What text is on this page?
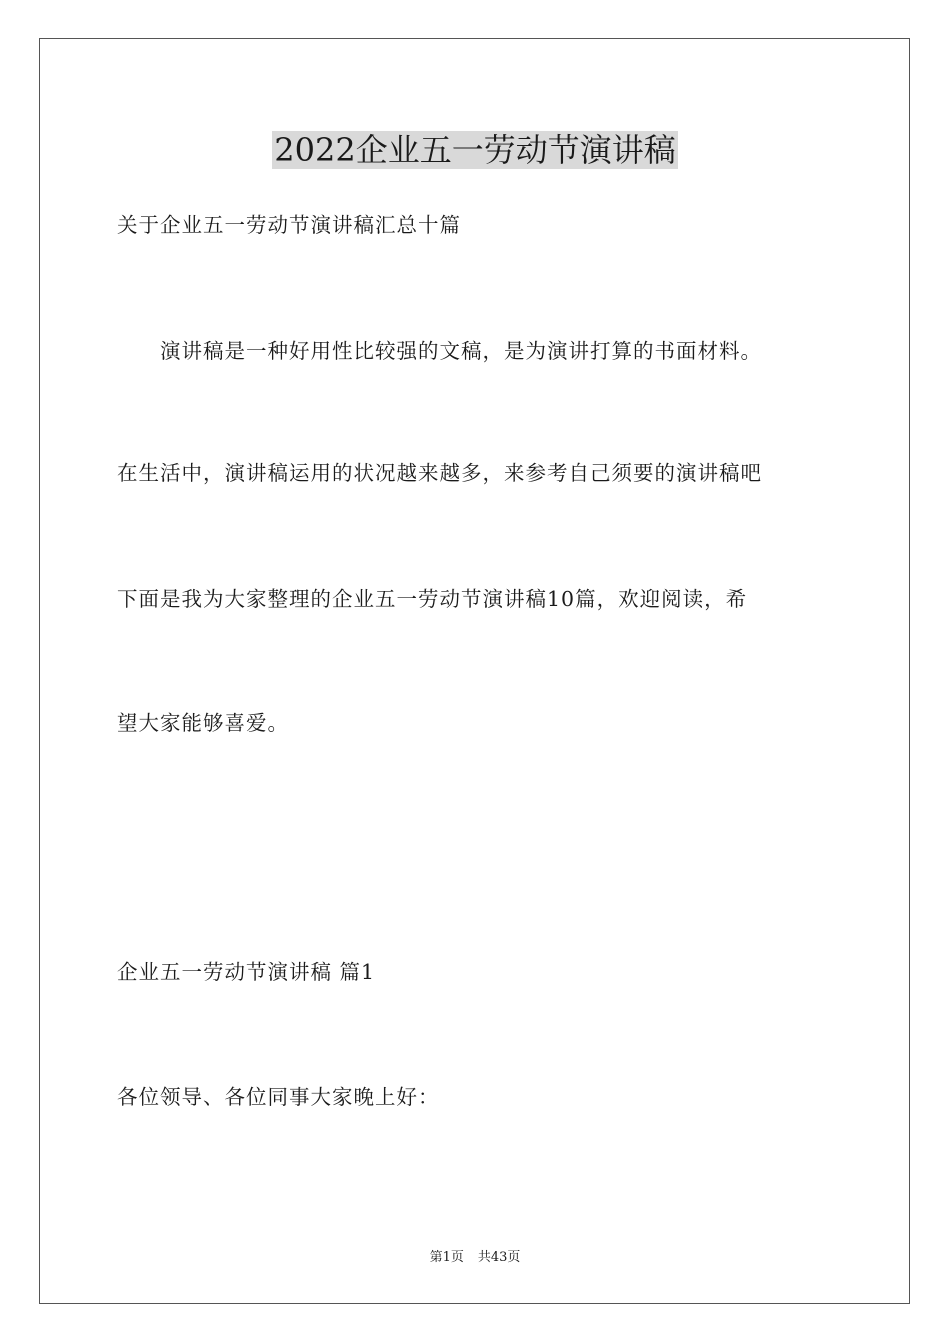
2022企业五一劳动节演讲稿
关于企业五一劳动节演讲稿汇总十篇
　　演讲稿是一种好用性比较强的文稿，是为演讲打算的书面材料。
在生活中，演讲稿运用的状况越来越多，来参考自己须要的演讲稿吧
下面是我为大家整理的企业五一劳动节演讲稿10篇，欢迎阅读，希
望大家能够喜爱。
企业五一劳动节演讲稿 篇1
各位领导、各位同事大家晚上好：
第1页 共43页
